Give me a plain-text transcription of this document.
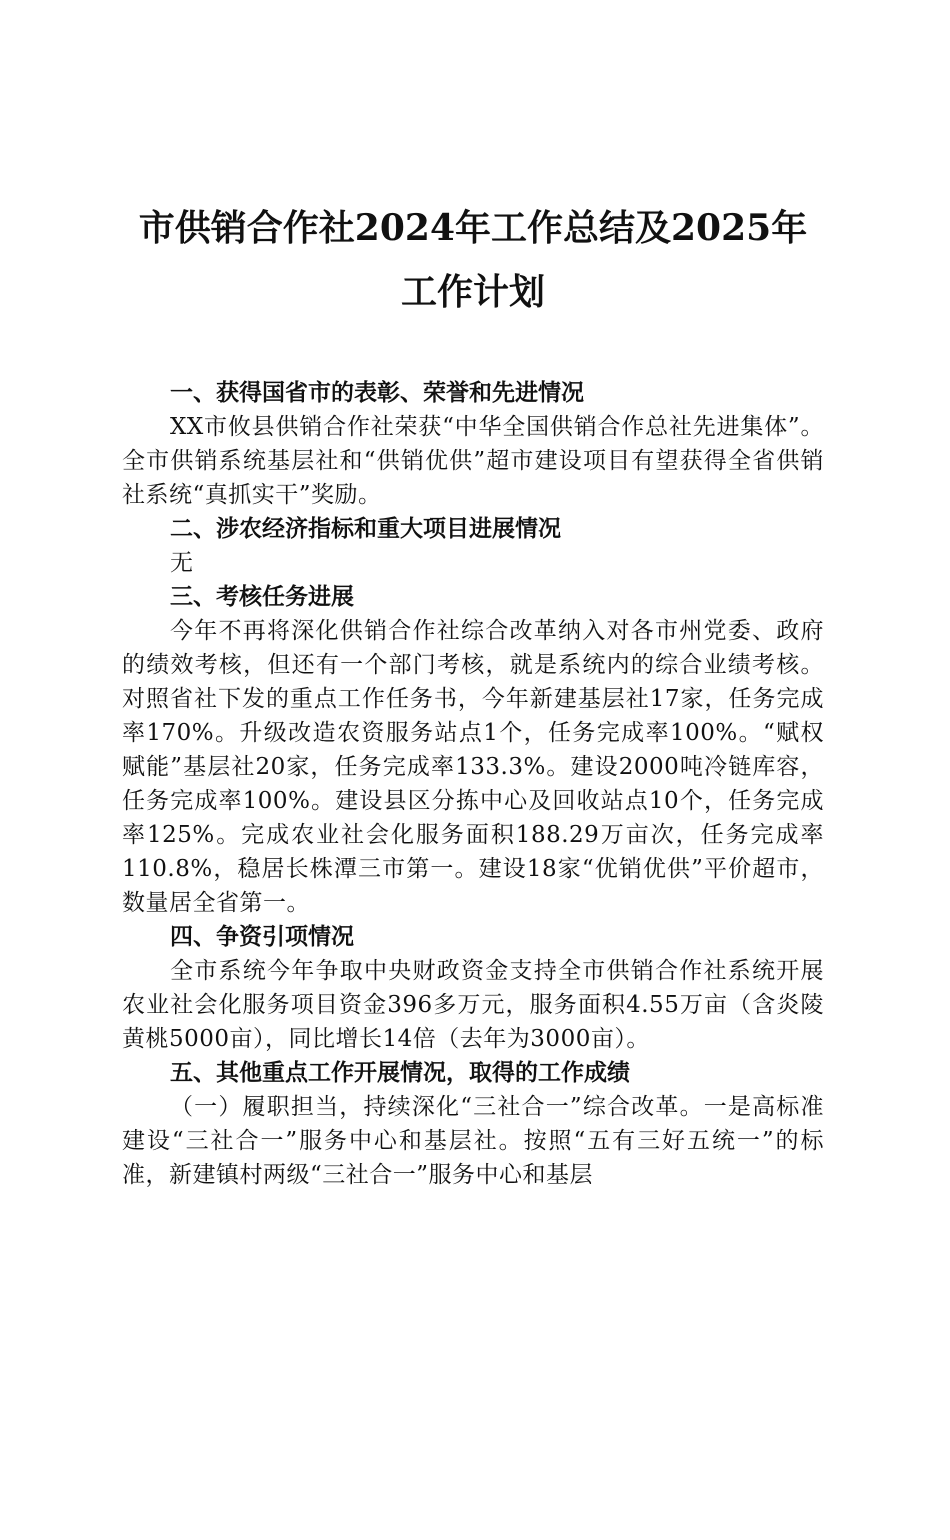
市供销合作社2024年工作总结及2025年工作计划
一、获得国省市的表彰、荣誉和先进情况

XX市攸县供销合作社荣获“中华全国供销合作总社先进集体”。全市供销系统基层社和“供销优供”超市建设项目有望获得全省供销社系统“真抓实干”奖励。

二、涉农经济指标和重大项目进展情况

无

三、考核任务进展

今年不再将深化供销合作社综合改革纳入对各市州党委、政府的绩效考核，但还有一个部门考核，就是系统内的综合业绩考核。对照省社下发的重点工作任务书，今年新建基层社17家，任务完成率170%。升级改造农资服务站点1个，任务完成率100%。“赋权赋能”基层社20家，任务完成率133.3%。建设2000吨冷链库容，任务完成率100%。建设县区分拣中心及回收站点10个，任务完成率125%。完成农业社会化服务面积188.29万亩次，任务完成率110.8%，稳居长株潭三市第一。建设18家“优销优供”平价超市，数量居全省第一。

四、争资引项情况

全市系统今年争取中央财政资金支持全市供销合作社系统开展农业社会化服务项目资金396多万元，服务面积4.55万亩（含炎陵黄桃5000亩），同比增长14倍（去年为3000亩）。

五、其他重点工作开展情况，取得的工作成绩

（一）履职担当，持续深化“三社合一”综合改革。一是高标准建设“三社合一”服务中心和基层社。按照“五有三好五统一”的标准，新建镇村两级“三社合一”服务中心和基层
